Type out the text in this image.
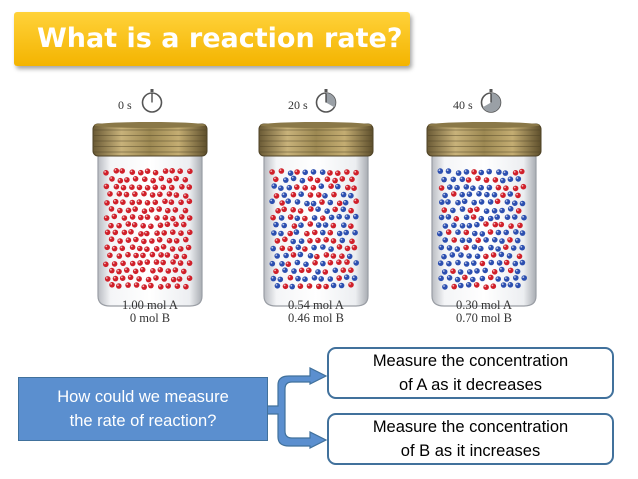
What is a reaction rate?
0 s
1.00 mol A
0 mol B
20 s
0.54 mol A
0.46 mol B
40 s
0.30 mol A
0.70 mol B
How could we measure
the rate of reaction?
Measure the concentration
of A as it decreases
Measure the concentration
of B as it increases
